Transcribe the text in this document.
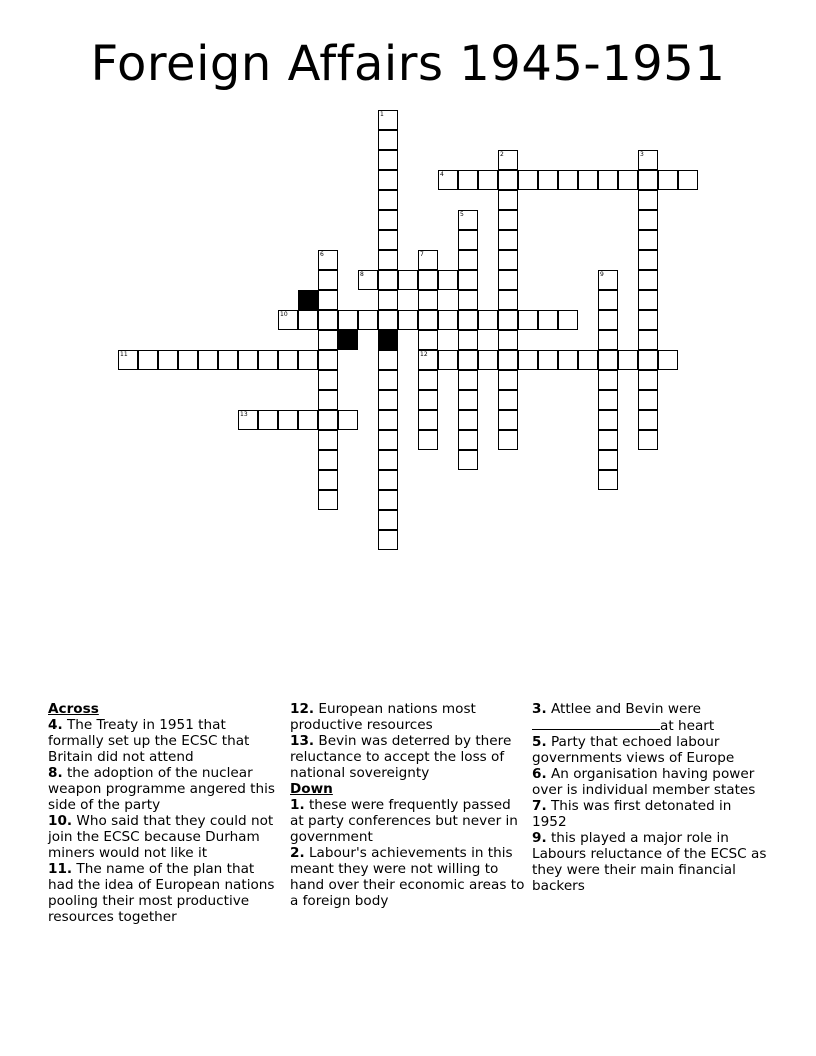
Foreign Affairs 1945-1951
4
8
10
11	12
13
1
2	3
5
6	7
9
Across
4. The Treaty in 1951 that formally set up the ECSC that Britain did not attend
8. the adoption of the nuclear weapon programme angered this side of the party
10. Who said that they could not join the ECSC because Durham miners would not like it
11. The name of the plan that had the idea of European nations pooling their most productive resources together
12. European nations most productive resources
13. Bevin was deterred by there reluctance to accept the loss of national sovereignty
Down
1. these were frequently passed at party conferences but never in government
2. Labour's achievements in this meant they were not willing to hand over their economic areas to a foreign body
3. Attlee and Bevin were
at heart
5. Party that echoed labour governments views of Europe
6. An organisation having power over is individual member states
7. This was first detonated in 1952
9. this played a major role in Labours reluctance of the ECSC as they were their main financial backers
